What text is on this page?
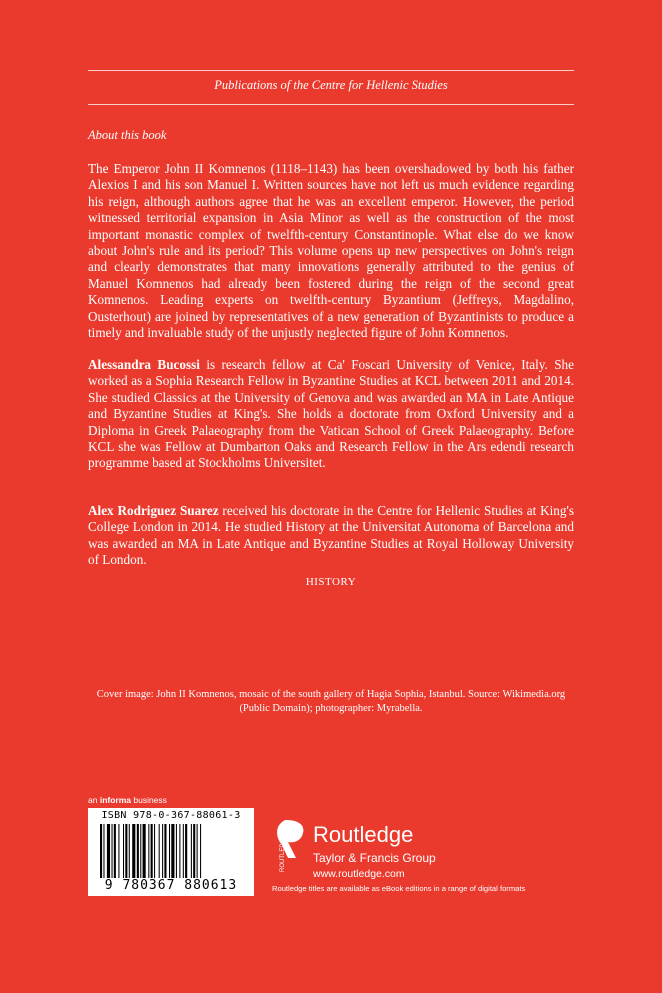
Publications of the Centre for Hellenic Studies
About this book

The Emperor John II Komnenos (1118–1143) has been overshadowed by both his father Alexios I and his son Manuel I. Written sources have not left us much evidence regarding his reign, although authors agree that he was an excellent emperor. However, the period witnessed territorial expansion in Asia Minor as well as the construction of the most important monastic complex of twelfth-century Constantinople. What else do we know about John's rule and its period? This volume opens up new perspectives on John's reign and clearly demonstrates that many innovations generally attributed to the genius of Manuel Komnenos had already been fostered during the reign of the second great Komnenos. Leading experts on twelfth-century Byzantium (Jeffreys, Magdalino, Ousterhout) are joined by representatives of a new generation of Byzantinists to produce a timely and invaluable study of the unjustly neglected figure of John Komnenos.

Alessandra Bucossi is research fellow at Ca' Foscari University of Venice, Italy. She worked as a Sophia Research Fellow in Byzantine Studies at KCL between 2011 and 2014. She studied Classics at the University of Genova and was awarded an MA in Late Antique and Byzantine Studies at King's. She holds a doctorate from Oxford University and a Diploma in Greek Palaeography from the Vatican School of Greek Palaeography. Before KCL she was Fellow at Dumbarton Oaks and Research Fellow in the Ars edendi research programme based at Stockholms Universitet.

Alex Rodriguez Suarez received his doctorate in the Centre for Hellenic Studies at King's College London in 2014. He studied History at the Universitat Autonoma of Barcelona and was awarded an MA in Late Antique and Byzantine Studies at Royal Holloway University of London.

HISTORY
Cover image: John II Komnenos, mosaic of the south gallery of Hagia Sophia, Istanbul. Source: Wikimedia.org (Public Domain); photographer: Myrabella.
an informa business
ISBN 978-0-367-88061-3
9 780367 880613
ROUTLEDGE
Routledge
Taylor & Francis Group
www.routledge.com
Routledge titles are available as eBook editions in a range of digital formats
